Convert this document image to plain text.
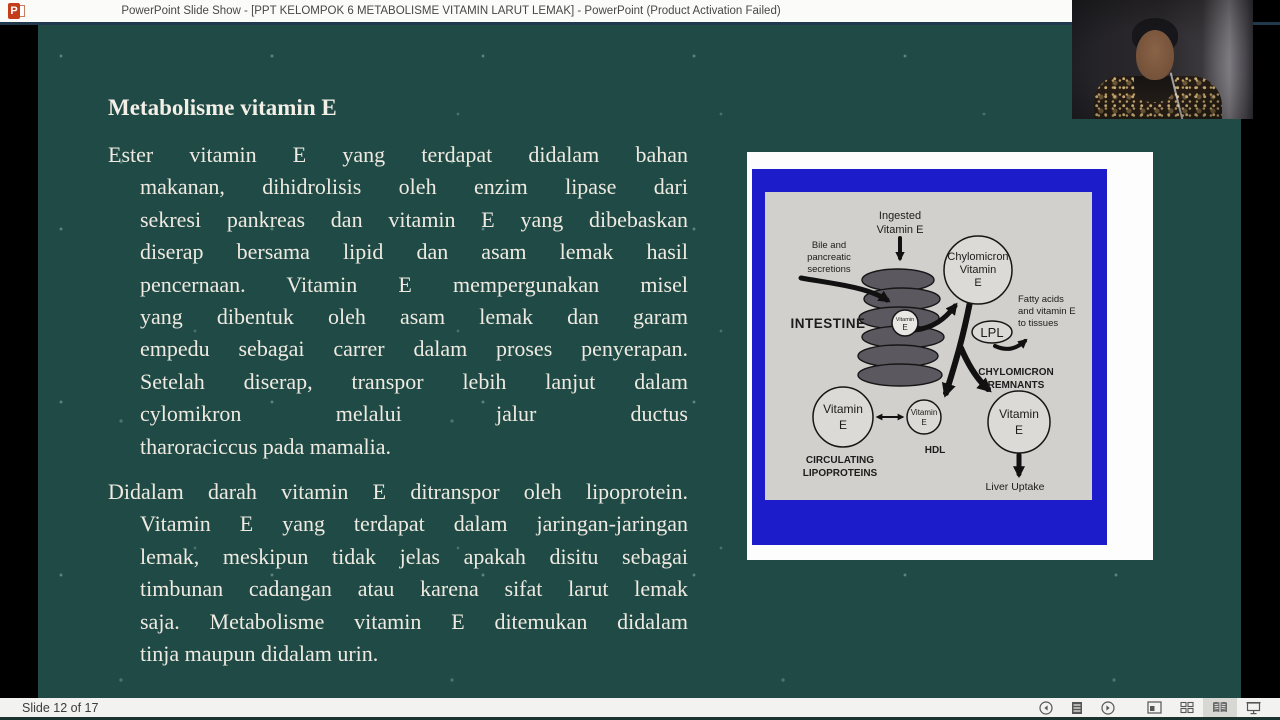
P	PowerPoint Slide Show - [PPT KELOMPOK 6 METABOLISME VITAMIN LARUT LEMAK] - PowerPoint (Product Activation Failed)
Metabolisme vitamin E
Ester vitamin E yang terdapat didalam bahan
makanan, dihidrolisis oleh enzim lipase dari
sekresi pankreas dan vitamin E yang dibebaskan
diserap bersama lipid dan asam lemak hasil
pencernaan. Vitamin E mempergunakan misel
yang dibentuk oleh asam lemak dan garam
empedu sebagai carrer dalam proses penyerapan.
Setelah diserap, transpor lebih lanjut dalam
cylomikron melalui jalur ductus
tharoraciccus pada mamalia.
Didalam darah vitamin E ditranspor oleh lipoprotein.
Vitamin E yang terdapat dalam jaringan-jaringan
lemak, meskipun tidak jelas apakah disitu sebagai
timbunan cadangan atau karena sifat larut lemak
saja. Metabolisme vitamin E ditemukan didalam
tinja maupun didalam urin.
Ingested
Vitamin E
Bile and
pancreatic
secretions
INTESTINE	Vitamin
E
Chylomicron
Vitamin
E
LPL
Fatty acids
and vitamin E
to tissues
CHYLOMICRON
REMNANTS
Vitamin
E
CIRCULATING
LIPOPROTEINS
Vitamin
E
HDL
Vitamin
E
Liver Uptake
Slide 12 of 17
